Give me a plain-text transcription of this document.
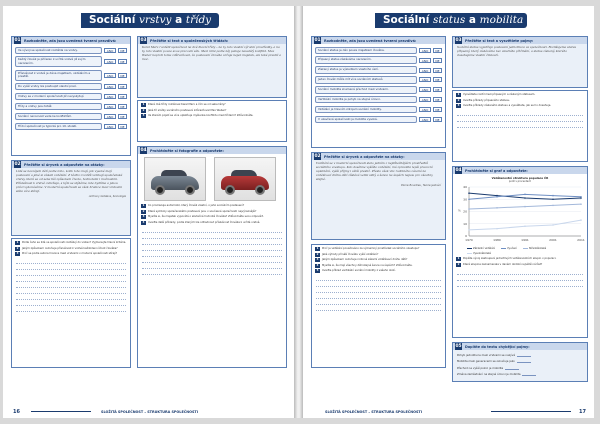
Sociální vrstvy a třídy
01 Rozhodněte, zda jsou uvedená tvrzení pravdivá:
Ve vývoji se společnost rozdělila na vrstvy.	ANO	NE
Každý člověk je přiřazen k určité vrstvě již svým narozením.	ANO	NE
Příslušnost k vrstvě je dána majetkem, vzděláním a prestiží.	ANO	NE
Do vyšší vrstvy lze postoupit vlastní prací.	ANO	NE
Vrstvy se v moderní společnosti již nevyskytují.	ANO	NE
Třídy a vrstvy jsou totéž.	ANO	NE
Sociální nerovnost vede ke konfliktům.	ANO	NE
Třídní společnost je typická pro 19. století.	ANO	NE
02 Přečtěte si úryvek a odpovězte na otázky:
Lidé se navzájem dělí podle toho, kolik toho mají, jak vysoké mají postavení a jaké si získali vzdělání. Z těchto rozdílů vznikají společenské vrstvy, které se od sebe liší způsobem života, hodnotami i možnostmi. Příslušnost k vrstvě ovlivňuje, s kým se stýkáme, kde bydlíme a jakou práci vykonáváme. V moderní společnosti se však hranice mezi vrstvami stále více stírají.
Anthony Giddens, Sociologie
1	Podle čeho se lidé ve společnosti rozdělují do vrstev? Vyjmenujte hlavní kritéria.
2	Jakým způsobem ovlivňuje příslušnost k vrstvě každodenní život člověka?
3	Proč se podle autora hranice mezi vrstvami v moderní společnosti stírají?
03 Přečtěte si text o společenských třídách:
Karel Marx rozdělil společnost na dvě hlavní třídy – na ty, kdo vlastní výrobní prostředky, a na ty, kdo vlastní pouze svou pracovní sílu. Mezi nimi podle něj panuje neustálý konflikt. Max Weber naproti tomu zdůrazňoval, že postavení člověka určuje nejen majetek, ale také prestiž a moc.
1	Které dvě třídy rozlišoval Karel Marx a čím se od sebe lišily?
2	Jaké tři složky sociálního postavení zdůrazňoval Max Weber?
3	Ve kterém pojetí se více uplatňuje myšlenka konfliktu mezi třídami? Zdůvodněte.
04 Prohlédněte si fotografie a odpovězte:
1	Co prozrazuje automobil, který člověk vlastní, o jeho sociálním postavení?
2	Které symboly společenského postavení jsou v současné společnosti nejvýraznější?
3	Myslíte si, že majetek vypovídá o skutečné hodnotě člověka? Zdůvodněte svou odpověď.
4	Uveďte další příklady, podle kterých lze odhadnout příslušnost člověka k určité vrstvě.
16	SLOŽITÁ SPOLEČNOST – STRUKTURA SPOLEČNOSTI
Sociální status a mobilita
01 Rozhodněte, zda jsou uvedená tvrzení pravdivá:
Sociální status je dán pouze majetkem člověka.	ANO	NE
Připsaný status získáváme narozením.	ANO	NE
Získaný status je výsledkem vlastního úsilí.	ANO	NE
Jeden člověk může mít více sociálních statusů.	ANO	NE
Sociální mobilita znamená přechod mezi vrstvami.	ANO	NE
Vertikální mobilita je pohyb na stejné úrovni.	ANO	NE
Vzdělání je hlavním zdrojem sociální mobility.	ANO	NE
V uzavřené společnosti je mobilita vysoká.	ANO	NE
02 Přečtěte si úryvek a odpovězte na otázky:
Vzdělání se v moderní společnosti stalo jedním z nejdůležitějších prostředků sociálního vzestupu. Kdo dosáhne vyššího vzdělání, má zpravidla lepší pracovní uplatnění, vyšší příjmy i větší prestiž. Přesto však vliv rodinného zázemí na vzdělávací dráhu dětí zůstává velmi silný a šance na úspěch nejsou pro všechny stejné.
Pierre Bourdieu, Teorie jednání
1	Proč je vzdělání považováno za významný prostředek sociálního vzestupu?
2	Jaké výhody přináší člověku vyšší vzdělání?
3	Jakým způsobem ovlivňuje rodinné zázemí vzdělávací dráhu dětí?
4	Myslíte si, že mají všechny děti stejné šance na úspěch? Zdůvodněte.
5	Uveďte příklad vertikální sociální mobility z vašeho okolí.
03 Přečtěte si text a vysvětlete pojmy:
Sociální status vyjadřuje postavení jednotlivce ve společnosti. Rozlišujeme status připsaný, který získáváme bez vlastního přičinění, a status získaný, kterého dosahujeme vlastní činností.
1	Vysvětlete rozdíl mezi připsaným a získaným statusem.
2	Uveďte příklady připsaného statusu.
3	Uveďte příklady získaného statusu a vysvětlete, jak se ho dosahuje.
04 Prohlédněte si graf a odpovězte:
Vzdělanostní struktura populace ČR
podíl v procentech
0
10
20
30
40
1970	1980	1991	2001	2011
%
Základní vzdělání	Vyučení	Středoškolské
Vysokoškolské
1	Popište vývoj zastoupení jednotlivých vzdělanostních skupin v populaci.
2	Která skupina zaznamenala v daném období největší nárůst?
05 Doplňte do textu chybějící pojmy:
Pohyb jednotlivce mezi vrstvami se nazývá
Mobilita mezi generacemi se označuje jako
Přechod na vyšší pozici je mobilita
Změna zaměstnání na stejné úrovni je mobilita
SLOŽITÁ SPOLEČNOST – STRUKTURA SPOLEČNOSTI	17
